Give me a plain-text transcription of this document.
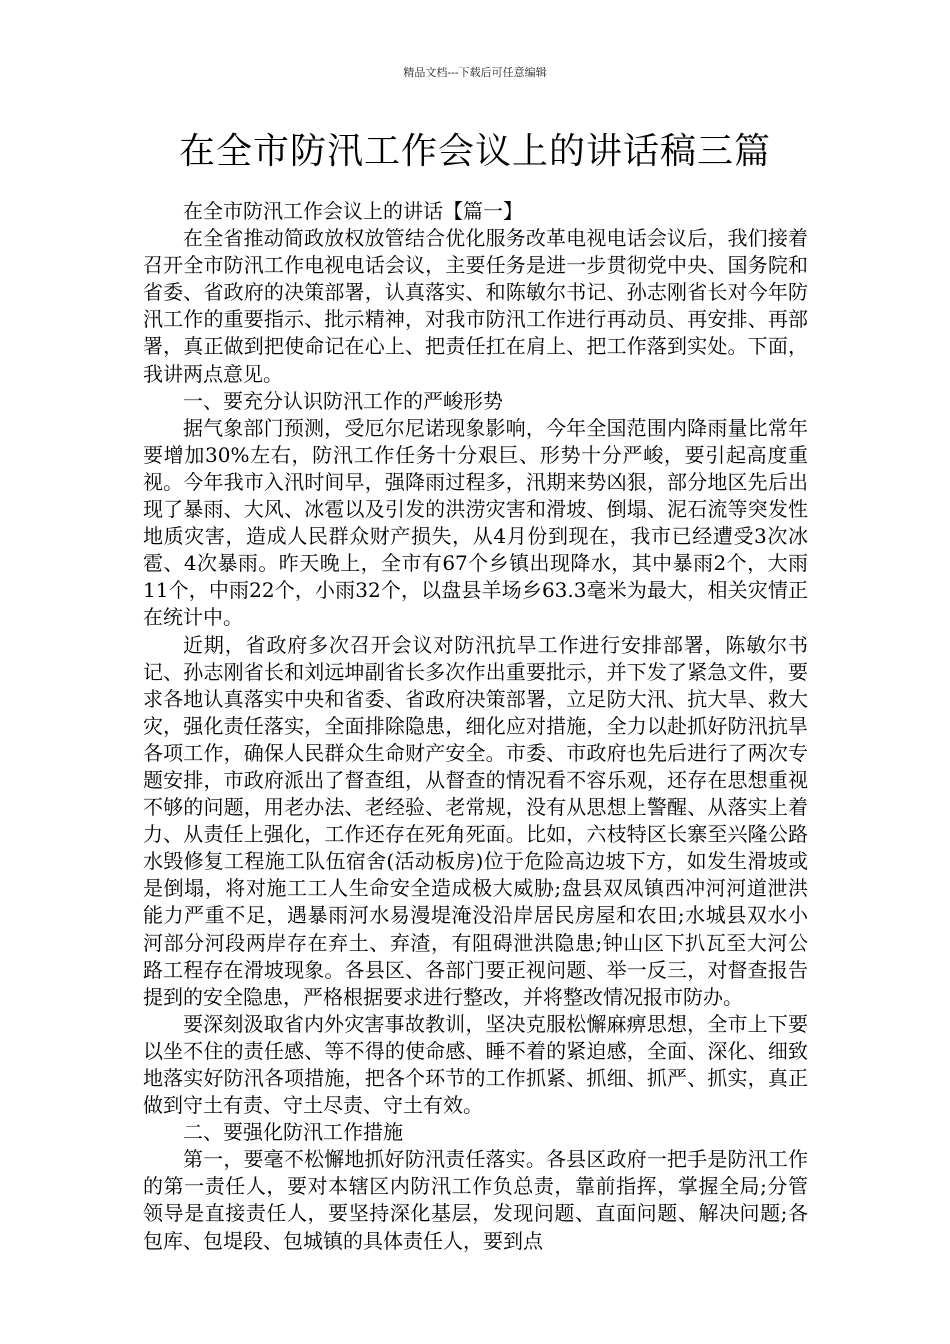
精品文档---下载后可任意编辑
在全市防汛工作会议上的讲话稿三篇

在全市防汛工作会议上的讲话【篇一】

在全省推动简政放权放管结合优化服务改革电视电话会议后，我们接着召开全市防汛工作电视电话会议，主要任务是进一步贯彻党中央、国务院和省委、省政府的决策部署，认真落实、和陈敏尔书记、孙志刚省长对今年防汛工作的重要指示、批示精神，对我市防汛工作进行再动员、再安排、再部署，真正做到把使命记在心上、把责任扛在肩上、把工作落到实处。下面，我讲两点意见。

一、要充分认识防汛工作的严峻形势

据气象部门预测，受厄尔尼诺现象影响，今年全国范围内降雨量比常年要增加30%左右，防汛工作任务十分艰巨、形势十分严峻，要引起高度重视。今年我市入汛时间早，强降雨过程多，汛期来势凶狠，部分地区先后出现了暴雨、大风、冰雹以及引发的洪涝灾害和滑坡、倒塌、泥石流等突发性地质灾害，造成人民群众财产损失，从4月份到现在，我市已经遭受3次冰雹、4次暴雨。昨天晚上，全市有67个乡镇出现降水，其中暴雨2个，大雨11个，中雨22个，小雨32个，以盘县羊场乡63.3毫米为最大，相关灾情正在统计中。

近期，省政府多次召开会议对防汛抗旱工作进行安排部署，陈敏尔书记、孙志刚省长和刘远坤副省长多次作出重要批示，并下发了紧急文件，要求各地认真落实中央和省委、省政府决策部署，立足防大汛、抗大旱、救大灾，强化责任落实，全面排除隐患，细化应对措施，全力以赴抓好防汛抗旱各项工作，确保人民群众生命财产安全。市委、市政府也先后进行了两次专题安排，市政府派出了督查组，从督查的情况看不容乐观，还存在思想重视不够的问题，用老办法、老经验、老常规，没有从思想上警醒、从落实上着力、从责任上强化，工作还存在死角死面。比如，六枝特区长寨至兴隆公路水毁修复工程施工队伍宿舍(活动板房)位于危险高边坡下方，如发生滑坡或是倒塌，将对施工工人生命安全造成极大威胁;盘县双凤镇西冲河河道泄洪能力严重不足，遇暴雨河水易漫堤淹没沿岸居民房屋和农田;水城县双水小河部分河段两岸存在弃土、弃渣，有阻碍泄洪隐患;钟山区下扒瓦至大河公路工程存在滑坡现象。各县区、各部门要正视问题、举一反三，对督查报告提到的安全隐患，严格根据要求进行整改，并将整改情况报市防办。

要深刻汲取省内外灾害事故教训，坚决克服松懈麻痹思想，全市上下要以坐不住的责任感、等不得的使命感、睡不着的紧迫感，全面、深化、细致地落实好防汛各项措施，把各个环节的工作抓紧、抓细、抓严、抓实，真正做到守土有责、守土尽责、守土有效。

二、要强化防汛工作措施

第一，要毫不松懈地抓好防汛责任落实。各县区政府一把手是防汛工作的第一责任人，要对本辖区内防汛工作负总责，靠前指挥，掌握全局;分管领导是直接责任人，要坚持深化基层，发现问题、直面问题、解决问题;各包库、包堤段、包城镇的具体责任人，要到点
